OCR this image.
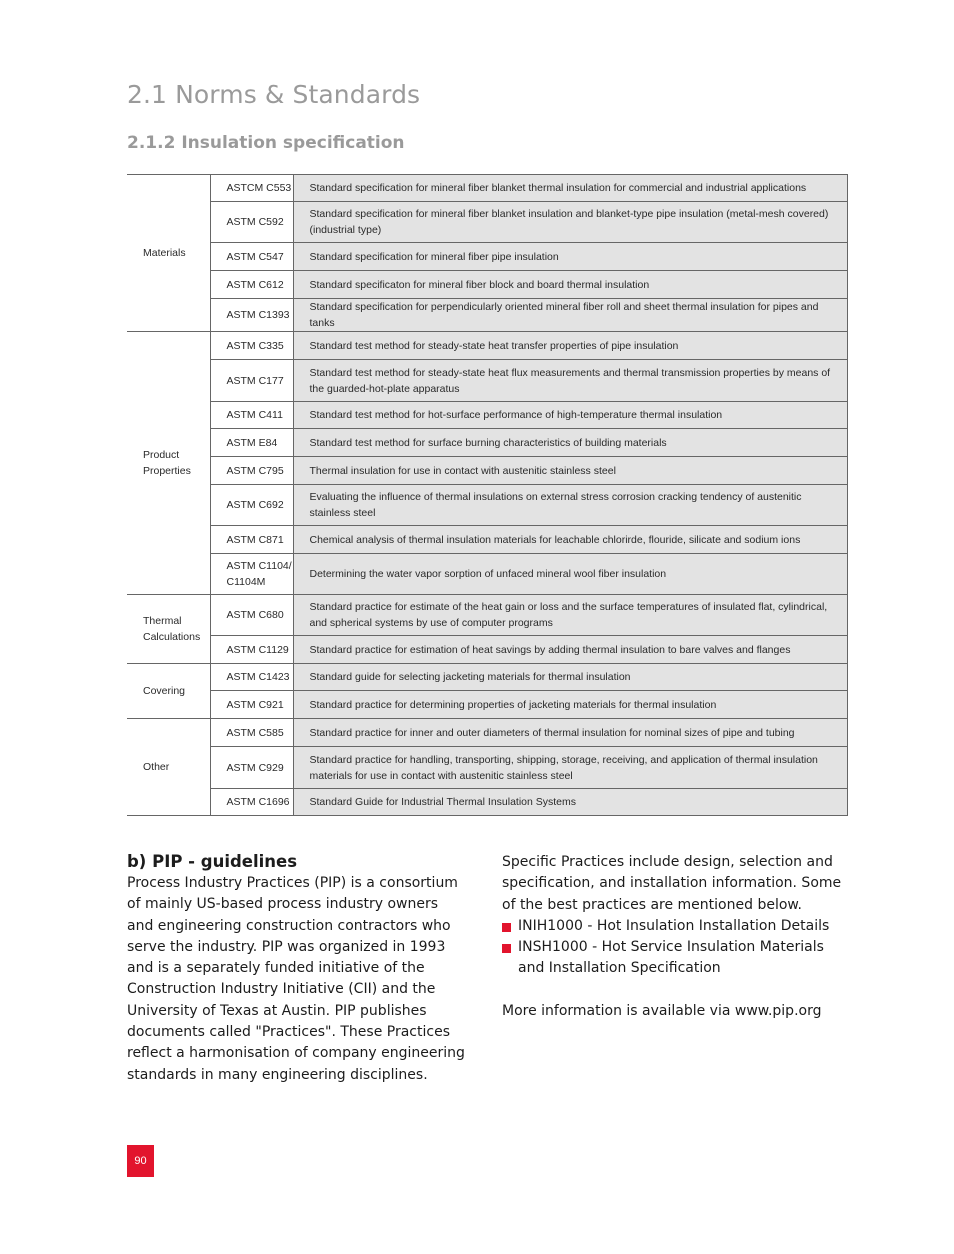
2.1 Norms & Standards
2.1.2 Insulation specification
Materials	ASTCM C553	Standard specification for mineral fiber blanket thermal insulation for commercial and industrial applications
	ASTM C592	Standard specification for mineral fiber blanket insulation and blanket-type pipe insulation (metal-mesh covered) (industrial type)
	ASTM C547	Standard specification for mineral fiber pipe insulation
	ASTM C612	Standard specificaton for mineral fiber block and board thermal insulation
	ASTM C1393	Standard specification for perpendicularly oriented mineral fiber roll and sheet thermal insulation for pipes and tanks

Product
Properties	ASTM C335	Standard test method for steady-state heat transfer properties of pipe insulation
	ASTM C177	Standard test method for steady-state heat flux measurements and thermal transmission properties by means of the guarded-hot-plate apparatus
	ASTM C411	Standard test method for hot-surface performance of high-temperature thermal insulation
	ASTM E84	Standard test method for surface burning characteristics of building materials
	ASTM C795	Thermal insulation for use in contact with austenitic stainless steel
	ASTM C692	Evaluating the influence of thermal insulations on external stress corrosion cracking tendency of austenitic stainless steel
	ASTM C871	Chemical analysis of thermal insulation materials for leachable chlorirde, flouride, silicate and sodium ions
	ASTM C1104/ C1104M	Determining the water vapor sorption of unfaced mineral wool fiber insulation

Thermal
Calculations	ASTM C680	Standard practice for estimate of the heat gain or loss and the surface temperatures of insulated flat, cylindrical, and spherical systems by use of computer programs
	ASTM C1129	Standard practice for estimation of heat savings by adding thermal insulation to bare valves and flanges

Covering	ASTM C1423	Standard guide for selecting jacketing materials for thermal insulation
	ASTM C921	Standard practice for determining properties of jacketing materials for thermal insulation

Other	ASTM C585	Standard practice for inner and outer diameters of thermal insulation for nominal sizes of pipe and tubing
	ASTM C929	Standard practice for handling, transporting, shipping, storage, receiving, and application of thermal insulation materials for use in contact with austenitic stainless steel
	ASTM C1696	Standard Guide for Industrial Thermal Insulation Systems

b) PIP - guidelines

Process Industry Practices (PIP) is a consortium of mainly US-based process industry owners and engineering construction contractors who serve the industry. PIP was organized in 1993 and is a separately funded initiative of the Construction Industry Initiative (CII) and the University of Texas at Austin. PIP publishes documents called "Practices". These Practices reflect a harmonisation of company engineering standards in many engineering disciplines.

Specific Practices include design, selection and specification, and installation information. Some of the best practices are mentioned below.

INIH1000 - Hot Insulation Installation Details
INSH1000 - Hot Service Insulation Materials and Installation Specification

More information is available via www.pip.org

90
